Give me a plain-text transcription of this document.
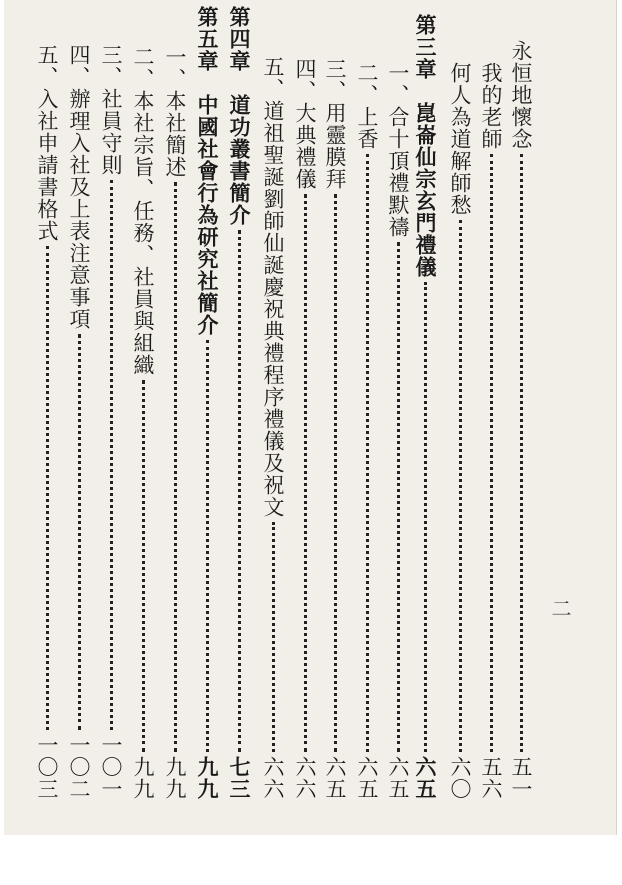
永恒地懷念
五一
我的老師
五六
何人為道解師愁
六〇
第三章　崑崙仙宗玄門禮儀
六五
一、合十頂禮默禱
六五
二、上香
六五
三、用靈膜拜
六五
四、大典禮儀
六六
五、道祖聖誕劉師仙誕慶祝典禮程序禮儀及祝文
六六
第四章　道功叢書簡介
七三
第五章　中國社會行為研究社簡介
九九
一、本社簡述
九九
二、本社宗旨、任務、社員與組織
九九
三、社員守則
一〇一
四、辦理入社及上表注意事項
一〇二
五、入社申請書格式
一〇三
二
